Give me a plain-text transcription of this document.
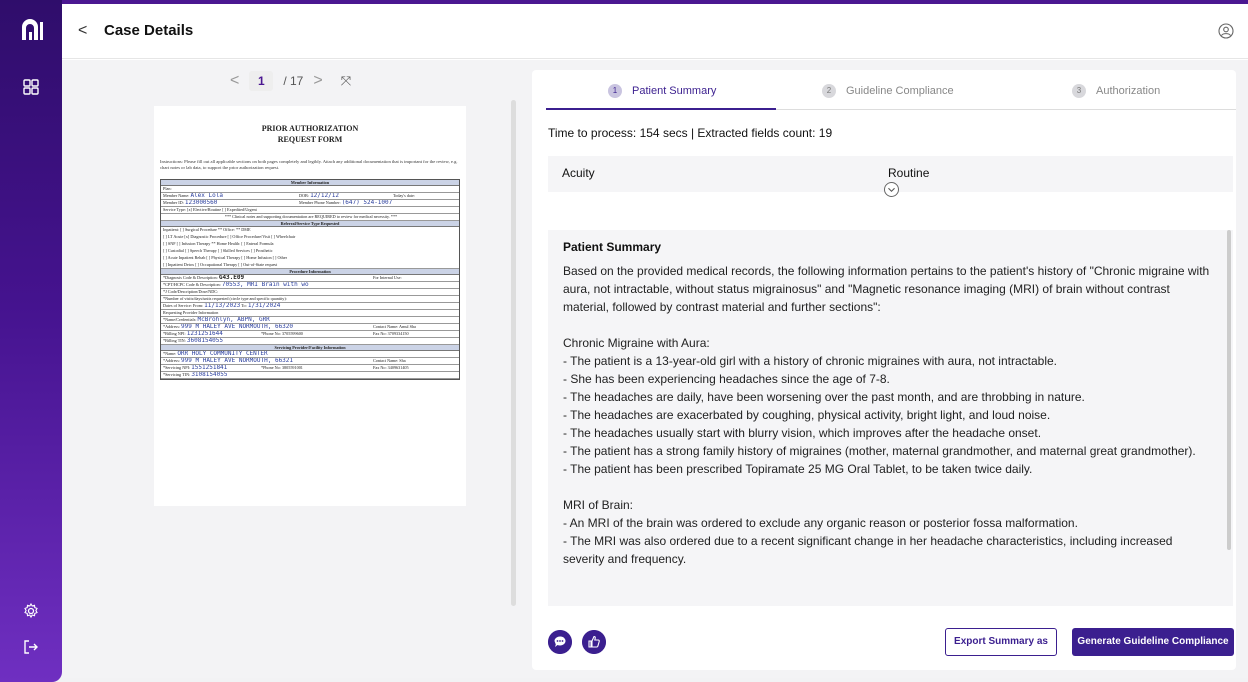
< Case Details
<	1	/ 17 > ⤧
PRIOR AUTHORIZATION
REQUEST FORM
Instructions: Please fill out all applicable sections on both pages completely and legibly. Attach any additional documentation that is important for the review, e.g. chart notes or lab data, to support the prior authorization request.
Member Information
Plan:
Member Name: Alex Lola	DOB: 12/12/12	Today's date:
Member ID: 123000560	Member Phone Number: (647) 524-1007
Service Type: [x] Elective/Routine [ ] Expedited/Urgent
*** Clinical notes and supporting documentation are REQUIRED to review for medical necessity. ***
Referral/Service Type Requested
Inpatient: [ ] Surgical Procedure ** Office: ** DME
[ ] LT Acute [x] Diagnostic Procedure [ ] Office Procedure/Visit [ ] Wheelchair
[ ] SNF [ ] Infusion Therapy ** Home Health: [ ] Enteral Formula
[ ] Custodial [ ] Speech Therapy [ ] Skilled Services [ ] Prosthetic
[ ] Acute Inpatient Rehab [ ] Physical Therapy [ ] Home Infusion [ ] Other
[ ] Inpatient Detox [ ] Occupational Therapy [ ] Out-of-State request
Procedure Information
*Diagnosis Code & Description: G43.E09	For Internal Use:
*CPT/HCPC Code & Description: 70553, MRI Brain with wo
*J Code/Description/Dose/NDC:
*Number of visits/days/units requested (circle type and specific quantity):
Dates of Service: From: 11/13/2023 To: 1/31/2024
Requesting Provider Information
*Name/Credentials: McBrohlyn, ABPN, GRR
*Address: 999 M HALEY AVE NORMOUTH, 66320	Contact Name: Amul Sha
*Billing NPI: 1231251644	*Phone No: 3705599600	Fax No: 3709334150
*Billing TIN: 3608154055
Servicing Provider/Facility Information
*Name: ORR HOLY COMMUNITY CENTER
*Address: 999 M HALEY AVE NORMOUTH, 66321	Contact Name: Sha
*Servicing NPI: 1551251841	*Phone No: 3805591001	Fax No: 3409631405
*Servicing TIN: 3108154055
1	Patient Summary	2	Guideline Compliance	3	Authorization
Time to process: 154 secs | Extracted fields count: 19
Acuity	Routine
Patient Summary

Based on the provided medical records, the following information pertains to the patient's history of "Chronic migraine with aura, not intractable, without status migrainosus" and "Magnetic resonance imaging (MRI) of brain without contrast material, followed by contrast material and further sections":

Chronic Migraine with Aura:

- The patient is a 13-year-old girl with a history of chronic migraines with aura, not intractable.

- She has been experiencing headaches since the age of 7-8.

- The headaches are daily, have been worsening over the past month, and are throbbing in nature.

- The headaches are exacerbated by coughing, physical activity, bright light, and loud noise.

- The headaches usually start with blurry vision, which improves after the headache onset.

- The patient has a strong family history of migraines (mother, maternal grandmother, and maternal great grandmother).

- The patient has been prescribed Topiramate 25 MG Oral Tablet, to be taken twice daily.

MRI of Brain:

- An MRI of the brain was ordered to exclude any organic reason or posterior fossa malformation.

- The MRI was also ordered due to a recent significant change in her headache characteristics, including increased severity and frequency.

Export Summary as	Generate Guideline Compliance
